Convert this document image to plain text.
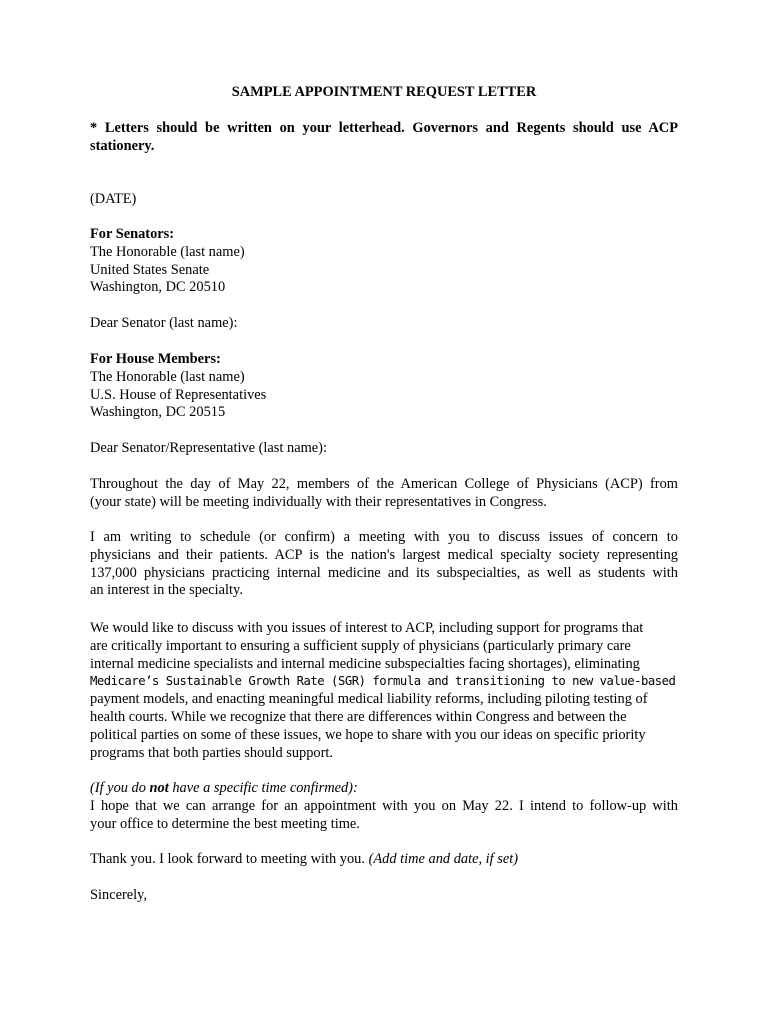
SAMPLE APPOINTMENT REQUEST LETTER
* Letters should be written on your letterhead. Governors and Regents should use ACP
stationery.
(DATE)
For Senators:
The Honorable (last name)
United States Senate
Washington, DC 20510
Dear Senator (last name):
For House Members:
The Honorable (last name)
U.S. House of Representatives
Washington, DC 20515
Dear Senator/Representative (last name):
Throughout the day of May 22, members of the American College of Physicians (ACP) from
(your state) will be meeting individually with their representatives in Congress.
I am writing to schedule (or confirm) a meeting with you to discuss issues of concern to
physicians and their patients. ACP is the nation's largest medical specialty society representing
137,000 physicians practicing internal medicine and its subspecialties, as well as students with
an interest in the specialty.
We would like to discuss with you issues of interest to ACP, including support for programs that
are critically important to ensuring a sufficient supply of physicians (particularly primary care
internal medicine specialists and internal medicine subspecialties facing shortages), eliminating
Medicare’s Sustainable Growth Rate (SGR) formula and transitioning to new value-based
payment models, and enacting meaningful medical liability reforms, including piloting testing of
health courts. While we recognize that there are differences within Congress and between the
political parties on some of these issues, we hope to share with you our ideas on specific priority
programs that both parties should support.
(If you do not have a specific time confirmed):
I hope that we can arrange for an appointment with you on May 22. I intend to follow-up with
your office to determine the best meeting time.
Thank you. I look forward to meeting with you. (Add time and date, if set)
Sincerely,
